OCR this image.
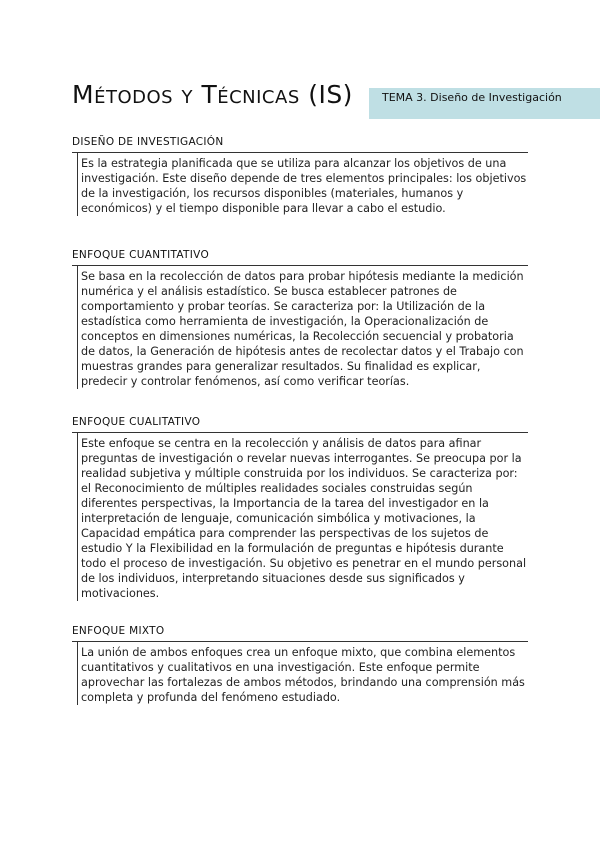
Métodos y Técnicas (IS)	TEMA 3. Diseño de Investigación
DISEÑO DE INVESTIGACIÓN

Es la estrategia planificada que se utiliza para alcanzar los objetivos de una investigación. Este diseño depende de tres elementos principales: los objetivos de la investigación, los recursos disponibles (materiales, humanos y económicos) y el tiempo disponible para llevar a cabo el estudio.

ENFOQUE CUANTITATIVO

Se basa en la recolección de datos para probar hipótesis mediante la medición numérica y el análisis estadístico. Se busca establecer patrones de comportamiento y probar teorías. Se caracteriza por: la Utilización de la estadística como herramienta de investigación, la Operacionalización de conceptos en dimensiones numéricas, la Recolección secuencial y probatoria de datos, la Generación de hipótesis antes de recolectar datos y el Trabajo con muestras grandes para generalizar resultados. Su finalidad es explicar, predecir y controlar fenómenos, así como verificar teorías.

ENFOQUE CUALITATIVO

Este enfoque se centra en la recolección y análisis de datos para afinar preguntas de investigación o revelar nuevas interrogantes. Se preocupa por la realidad subjetiva y múltiple construida por los individuos. Se caracteriza por: el Reconocimiento de múltiples realidades sociales construidas según diferentes perspectivas, la Importancia de la tarea del investigador en la interpretación de lenguaje, comunicación simbólica y motivaciones, la Capacidad empática para comprender las perspectivas de los sujetos de estudio Y la Flexibilidad en la formulación de preguntas e hipótesis durante todo el proceso de investigación. Su objetivo es penetrar en el mundo personal de los individuos, interpretando situaciones desde sus significados y motivaciones.

ENFOQUE MIXTO

La unión de ambos enfoques crea un enfoque mixto, que combina elementos cuantitativos y cualitativos en una investigación. Este enfoque permite aprovechar las fortalezas de ambos métodos, brindando una comprensión más completa y profunda del fenómeno estudiado.
